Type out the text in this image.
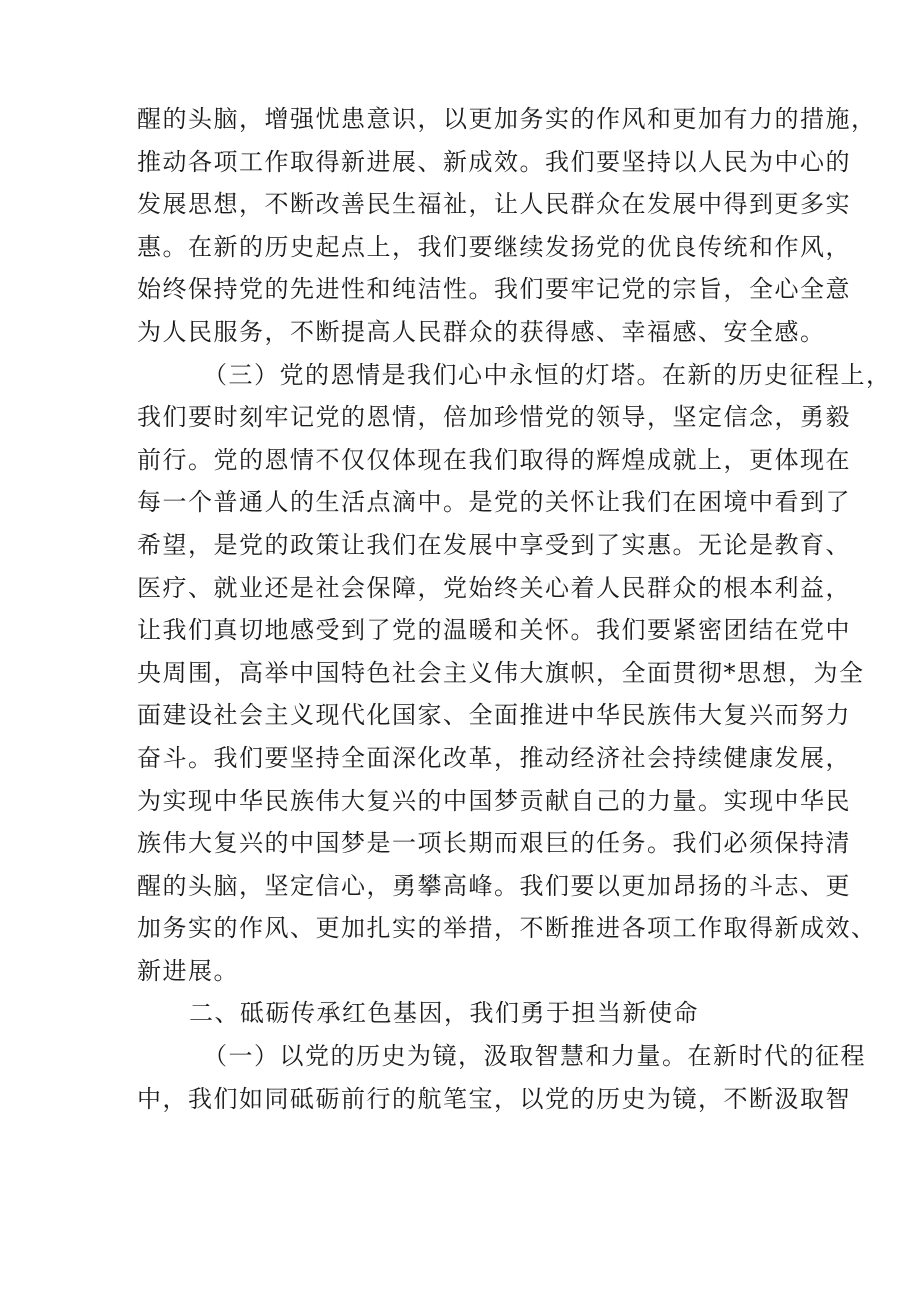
醒的头脑，增强忧患意识，以更加务实的作风和更加有力的措施，
推动各项工作取得新进展、新成效。我们要坚持以人民为中心的
发展思想，不断改善民生福祉，让人民群众在发展中得到更多实
惠。在新的历史起点上，我们要继续发扬党的优良传统和作风，
始终保持党的先进性和纯洁性。我们要牢记党的宗旨，全心全意
为人民服务，不断提高人民群众的获得感、幸福感、安全感。
（三）党的恩情是我们心中永恒的灯塔。在新的历史征程上，
我们要时刻牢记党的恩情，倍加珍惜党的领导，坚定信念，勇毅
前行。党的恩情不仅仅体现在我们取得的辉煌成就上，更体现在
每一个普通人的生活点滴中。是党的关怀让我们在困境中看到了
希望，是党的政策让我们在发展中享受到了实惠。无论是教育、
医疗、就业还是社会保障，党始终关心着人民群众的根本利益，
让我们真切地感受到了党的温暖和关怀。我们要紧密团结在党中
央周围，高举中国特色社会主义伟大旗帜，全面贯彻*思想，为全
面建设社会主义现代化国家、全面推进中华民族伟大复兴而努力
奋斗。我们要坚持全面深化改革，推动经济社会持续健康发展，
为实现中华民族伟大复兴的中国梦贡献自己的力量。实现中华民
族伟大复兴的中国梦是一项长期而艰巨的任务。我们必须保持清
醒的头脑，坚定信心，勇攀高峰。我们要以更加昂扬的斗志、更
加务实的作风、更加扎实的举措，不断推进各项工作取得新成效、
新进展。
二、砥砺传承红色基因，我们勇于担当新使命
（一）以党的历史为镜，汲取智慧和力量。在新时代的征程
中，我们如同砥砺前行的航笔宝，以党的历史为镜，不断汲取智
